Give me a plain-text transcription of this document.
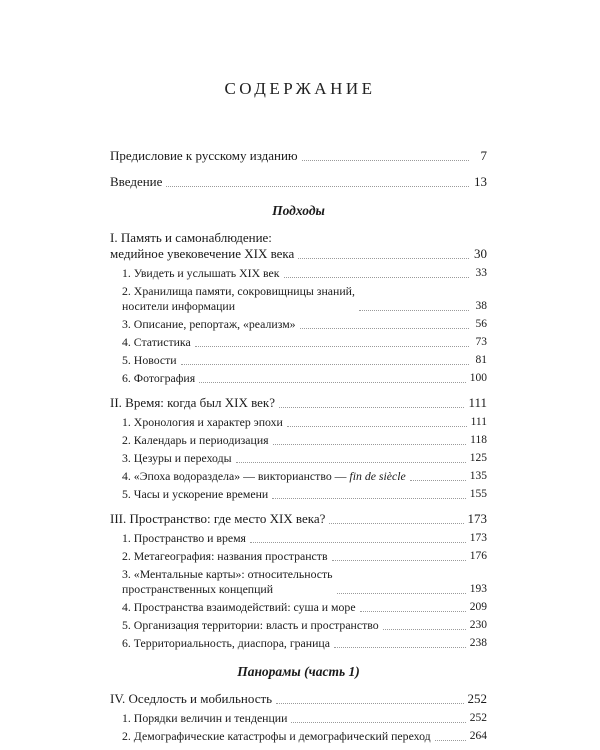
СОДЕРЖАНИЕ
Предисловие к русскому изданию	7
Введение	13
Подходы
I. Память и самонаблюдение:
медийное увековечение XIX века	30
1. Увидеть и услышать XIX век	33
2. Хранилища памяти, сокровищницы знаний,
носители информации	38
3. Описание, репортаж, «реализм»	56
4. Статистика	73
5. Новости	81
6. Фотография	100
II. Время: когда был XIX век?	111
1. Хронология и характер эпохи	111
2. Календарь и периодизация	118
3. Цезуры и переходы	125
4. «Эпоха водораздела» — викторианство — fin de siècle	135
5. Часы и ускорение времени	155
III. Пространство: где место XIX века?	173
1. Пространство и время	173
2. Метагеография: названия пространств	176
3. «Ментальные карты»: относительность
пространственных концепций	193
4. Пространства взаимодействий: суша и море	209
5. Организация территории: власть и пространство	230
6. Территориальность, диаспора, граница	238
Панорамы (часть 1)
IV. Оседлость и мобильность	252
1. Порядки величин и тенденции	252
2. Демографические катастрофы и демографический переход	264
